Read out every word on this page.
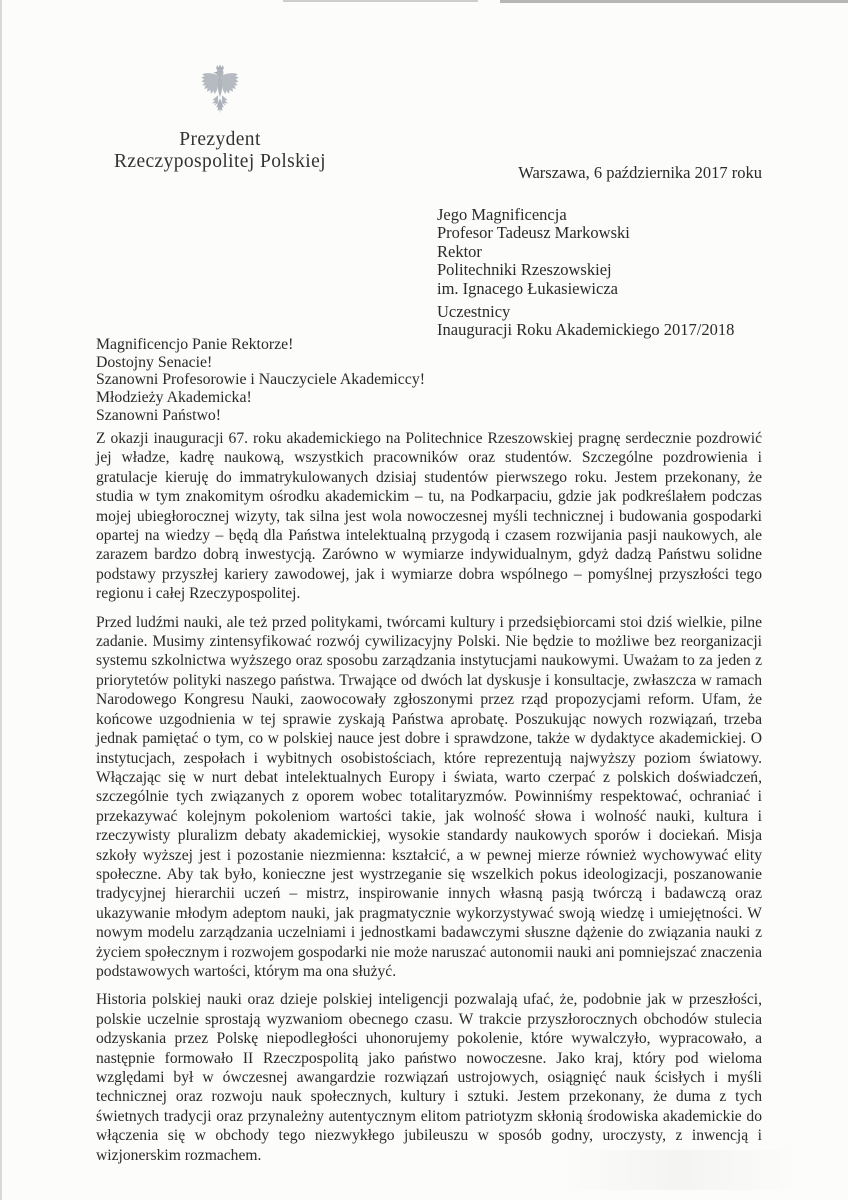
Prezydent
Rzeczypospolitej Polskiej
Warszawa, 6 października 2017 roku
Jego Magnificencja
Profesor Tadeusz Markowski
Rektor
Politechniki Rzeszowskiej
im. Ignacego Łukasiewicza
Uczestnicy
Inauguracji Roku Akademickiego 2017/2018
Magnificencjo Panie Rektorze!
Dostojny Senacie!
Szanowni Profesorowie i Nauczyciele Akademiccy!
Młodzieży Akademicka!
Szanowni Państwo!

Z okazji inauguracji 67. roku akademickiego na Politechnice Rzeszowskiej pragnę serdecznie pozdrowić jej władze, kadrę naukową, wszystkich pracowników oraz studentów. Szczególne pozdrowienia i gratulacje kieruję do immatrykulowanych dzisiaj studentów pierwszego roku. Jestem przekonany, że studia w tym znakomitym ośrodku akademickim – tu, na Podkarpaciu, gdzie jak podkreślałem podczas mojej ubiegłorocznej wizyty, tak silna jest wola nowoczesnej myśli technicznej i budowania gospodarki opartej na wiedzy – będą dla Państwa intelektualną przygodą i czasem rozwijania pasji naukowych, ale zarazem bardzo dobrą inwestycją. Zarówno w wymiarze indywidualnym, gdyż dadzą Państwu solidne podstawy przyszłej kariery zawodowej, jak i wymiarze dobra wspólnego – pomyślnej przyszłości tego regionu i całej Rzeczypospolitej.

Przed ludźmi nauki, ale też przed politykami, twórcami kultury i przedsiębiorcami stoi dziś wielkie, pilne zadanie. Musimy zintensyfikować rozwój cywilizacyjny Polski. Nie będzie to możliwe bez reorganizacji systemu szkolnictwa wyższego oraz sposobu zarządzania instytucjami naukowymi. Uważam to za jeden z priorytetów polityki naszego państwa. Trwające od dwóch lat dyskusje i konsultacje, zwłaszcza w ramach Narodowego Kongresu Nauki, zaowocowały zgłoszonymi przez rząd propozycjami reform. Ufam, że końcowe uzgodnienia w tej sprawie zyskają Państwa aprobatę. Poszukując nowych rozwiązań, trzeba jednak pamiętać o tym, co w polskiej nauce jest dobre i sprawdzone, także w dydaktyce akademickiej. O instytucjach, zespołach i wybitnych osobistościach, które reprezentują najwyższy poziom światowy. Włączając się w nurt debat intelektualnych Europy i świata, warto czerpać z polskich doświadczeń, szczególnie tych związanych z oporem wobec totalitaryzmów. Powinniśmy respektować, ochraniać i przekazywać kolejnym pokoleniom wartości takie, jak wolność słowa i wolność nauki, kultura i rzeczywisty pluralizm debaty akademickiej, wysokie standardy naukowych sporów i dociekań. Misja szkoły wyższej jest i pozostanie niezmienna: kształcić, a w pewnej mierze również wychowywać elity społeczne. Aby tak było, konieczne jest wystrzeganie się wszelkich pokus ideologizacji, poszanowanie tradycyjnej hierarchii uczeń – mistrz, inspirowanie innych własną pasją twórczą i badawczą oraz ukazywanie młodym adeptom nauki, jak pragmatycznie wykorzystywać swoją wiedzę i umiejętności. W nowym modelu zarządzania uczelniami i jednostkami badawczymi słuszne dążenie do związania nauki z życiem społecznym i rozwojem gospodarki nie może naruszać autonomii nauki ani pomniejszać znaczenia podstawowych wartości, którym ma ona służyć.

Historia polskiej nauki oraz dzieje polskiej inteligencji pozwalają ufać, że, podobnie jak w przeszłości, polskie uczelnie sprostają wyzwaniom obecnego czasu. W trakcie przyszłorocznych obchodów stulecia odzyskania przez Polskę niepodległości uhonorujemy pokolenie, które wywalczyło, wypracowało, a następnie formowało II Rzeczpospolitą jako państwo nowoczesne. Jako kraj, który pod wieloma względami był w ówczesnej awangardzie rozwiązań ustrojowych, osiągnięć nauk ścisłych i myśli technicznej oraz rozwoju nauk społecznych, kultury i sztuki. Jestem przekonany, że duma z tych świetnych tradycji oraz przynależny autentycznym elitom patriotyzm skłonią środowiska akademickie do włączenia się w obchody tego niezwykłego jubileuszu w sposób godny, uroczysty, z inwencją i wizjonerskim rozmachem.
